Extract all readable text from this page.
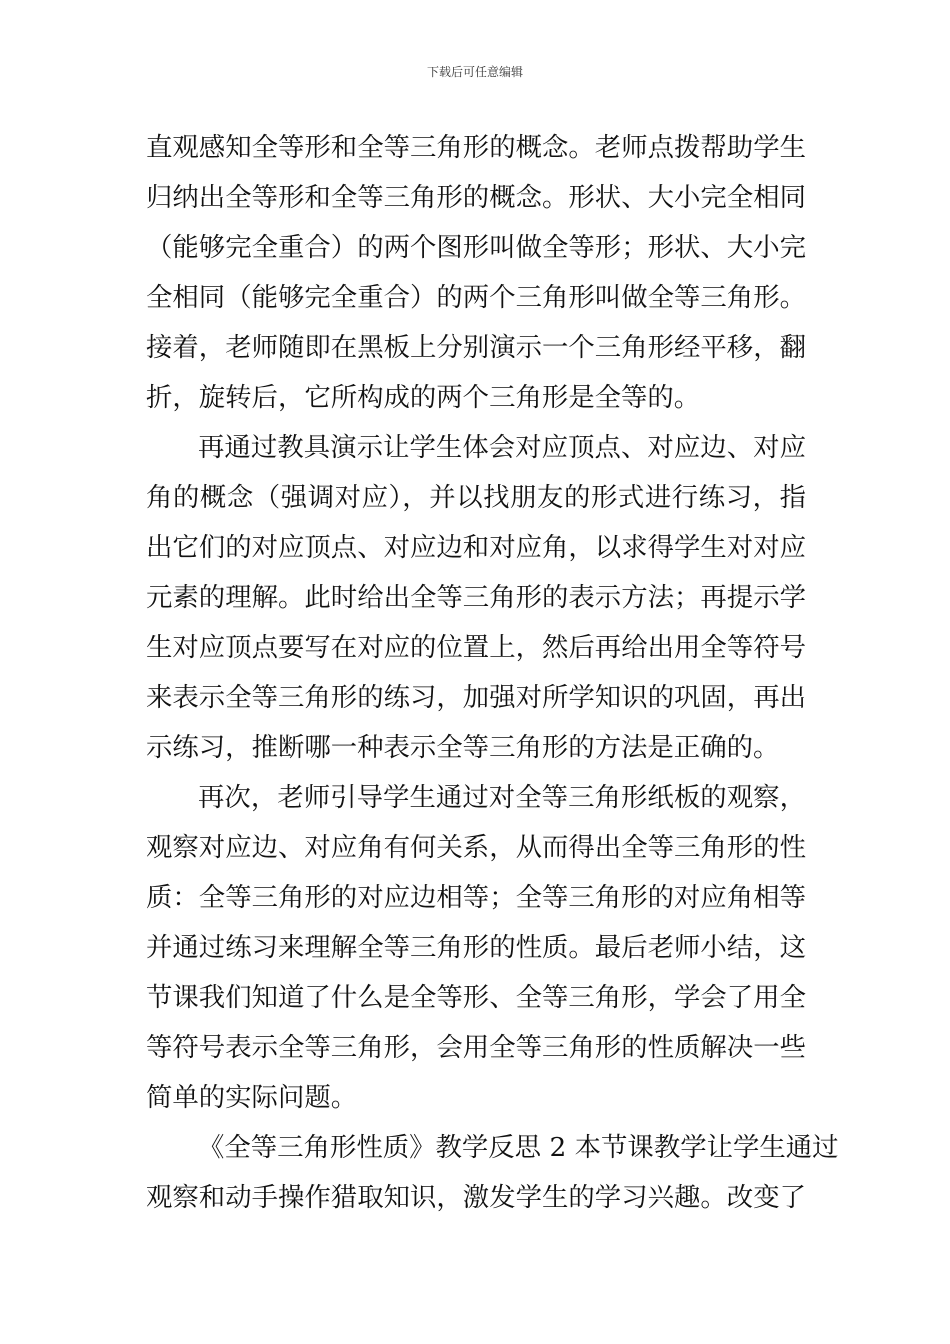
下载后可任意编辑
直观感知全等形和全等三角形的概念。老师点拨帮助学生
归纳出全等形和全等三角形的概念。形状、大小完全相同
（能够完全重合）的两个图形叫做全等形；形状、大小完
全相同（能够完全重合）的两个三角形叫做全等三角形。
接着，老师随即在黑板上分别演示一个三角形经平移，翻
折，旋转后，它所构成的两个三角形是全等的。
再通过教具演示让学生体会对应顶点、对应边、对应
角的概念（强调对应），并以找朋友的形式进行练习，指
出它们的对应顶点、对应边和对应角，以求得学生对对应
元素的理解。此时给出全等三角形的表示方法；再提示学
生对应顶点要写在对应的位置上，然后再给出用全等符号
来表示全等三角形的练习，加强对所学知识的巩固，再出
示练习，推断哪一种表示全等三角形的方法是正确的。
再次，老师引导学生通过对全等三角形纸板的观察，
观察对应边、对应角有何关系，从而得出全等三角形的性
质：全等三角形的对应边相等；全等三角形的对应角相等
并通过练习来理解全等三角形的性质。最后老师小结，这
节课我们知道了什么是全等形、全等三角形，学会了用全
等符号表示全等三角形，会用全等三角形的性质解决一些
简单的实际问题。
《全等三角形性质》教学反思 2 本节课教学让学生通过
观察和动手操作猎取知识，激发学生的学习兴趣。改变了
